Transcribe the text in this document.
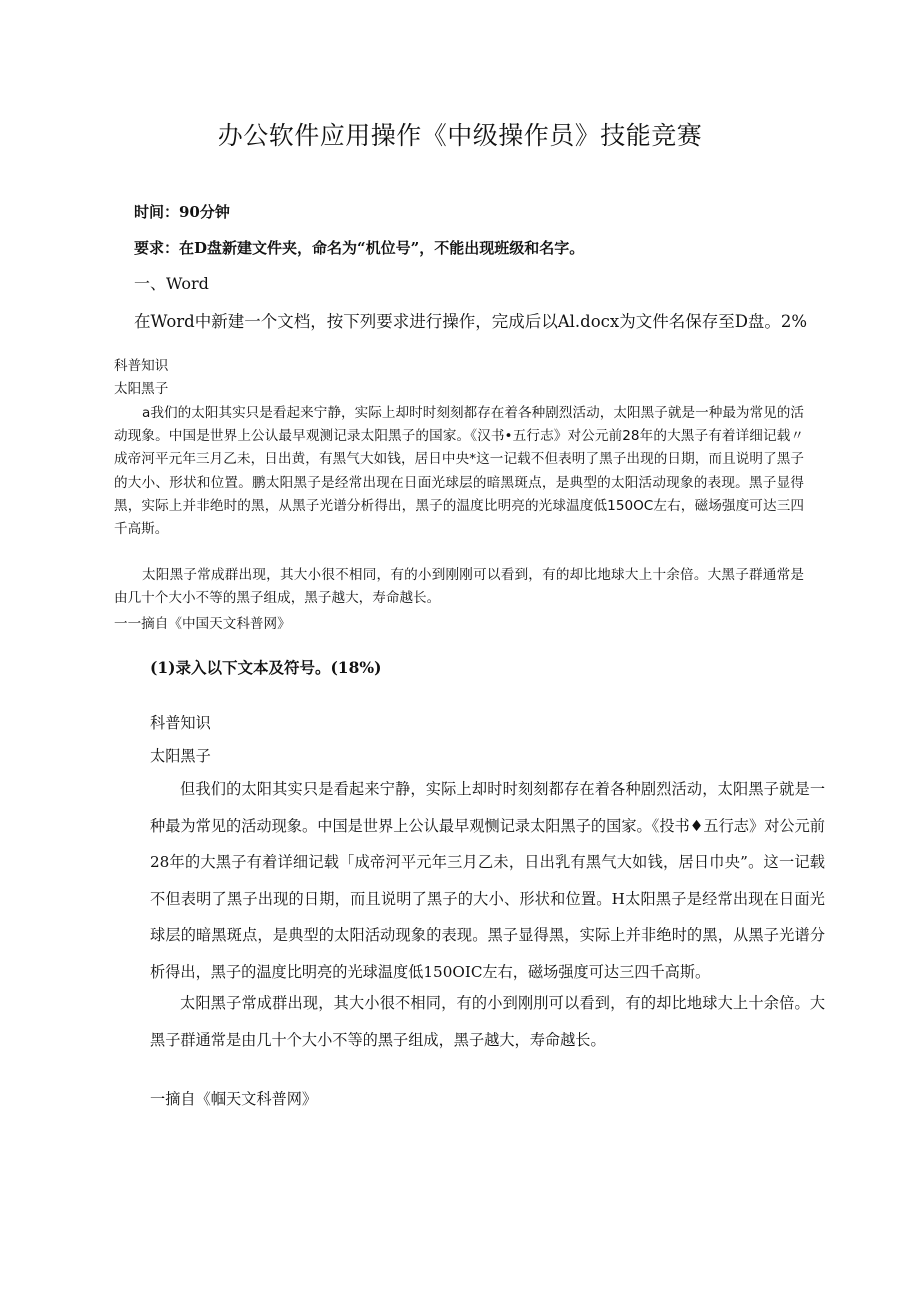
办公软件应用操作《中级操作员》技能竞赛

时间：90分钟

要求：在D盘新建文件夹，命名为“机位号”，不能出现班级和名字。

一、Word

在Word中新建一个文档，按下列要求进行操作，完成后以Al.docx为文件名保存至D盘。2%

科普知识

太阳黑子

a我们的太阳其实只是看起来宁静，实际上却时时刻刻都存在着各种剧烈活动，太阳黑子就是一种最为常见的活动现象。中国是世界上公认最早观测记录太阳黑子的国家。《汉书•五行志》对公元前28年的大黑子有着详细记载〃成帝河平元年三月乙未，日出黄，有黑气大如钱，居日中央*这一记载不但表明了黑子出现的日期，而且说明了黑子的大小、形状和位置。鹏太阳黑子是经常出现在日面光球层的暗黑斑点，是典型的太阳活动现象的表现。黑子显得黑，实际上并非绝时的黑，从黑子光谱分析得出，黑子的温度比明亮的光球温度低150OC左右，磁场强度可达三四千高斯。

太阳黑子常成群出现，其大小很不相同，有的小到刚刚可以看到，有的却比地球大上十余倍。大黑子群通常是由几十个大小不等的黑子组成，黑子越大，寿命越长。

一一摘自《中国天文科普网》

(1)录入以下文本及符号。(18%)

科普知识

太阳黑子

但我们的太阳其实只是看起来宁静，实际上却时时刻刻都存在着各种剧烈活动，太阳黑子就是一种最为常见的活动现象。中国是世界上公认最早观恻记录太阳黑子的国家。《投书♦五行志》对公元前28年的大黑子有着详细记载「成帝河平元年三月乙未，日出乳有黑气大如钱，居日巾央”。这一记载不但表明了黑子出现的日期，而且说明了黑子的大小、形状和位置。H太阳黑子是经常出现在日面光球层的暗黑斑点，是典型的太阳活动现象的表现。黑子显得黑，实际上并非绝时的黑，从黑子光谱分析得出，黑子的温度比明亮的光球温度低150OIC左右，磁场强度可达三四千高斯。

太阳黑子常成群出现，其大小很不相同，有的小到刚刖可以看到，有的却比地球大上十余倍。大黑子群通常是由几十个大小不等的黑子组成，黑子越大，寿命越长。

一摘自《帼天文科普网》
